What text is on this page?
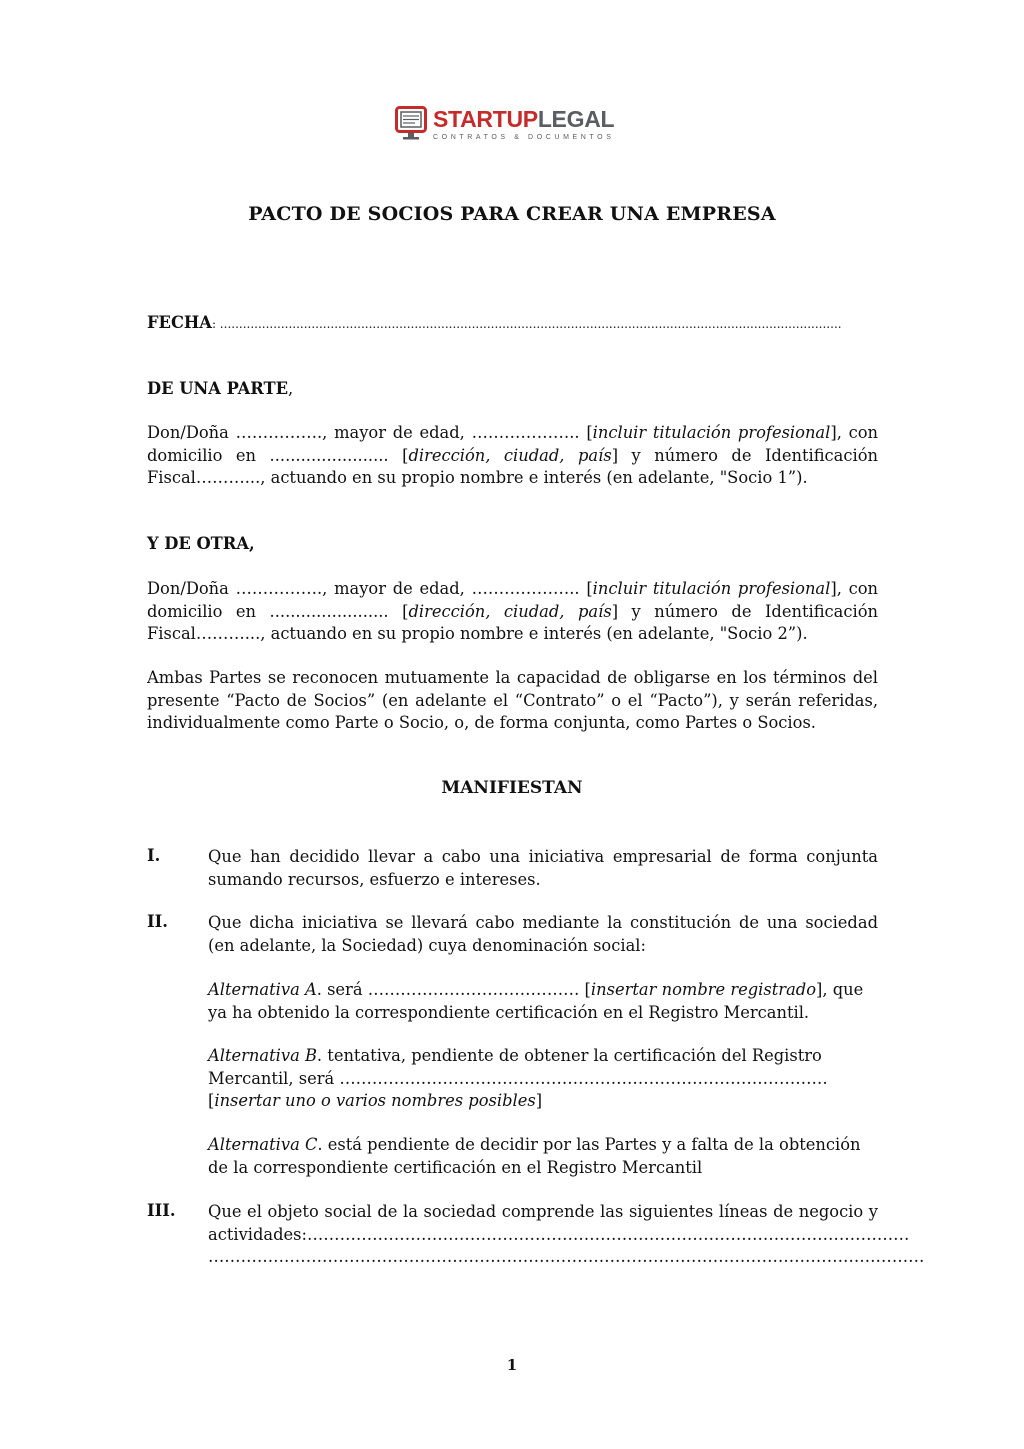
STARTUPLEGAL
CONTRATOS & DOCUMENTOS
PACTO DE SOCIOS PARA CREAR UNA EMPRESA
FECHA: ...................................................................................................................................................................
DE UNA PARTE,
Don/Doña ……………., mayor de edad, ……………….. [incluir titulación profesional], con domicilio en ....................... [dirección, ciudad, país] y número de Identificación Fiscal………..., actuando en su propio nombre e interés (en adelante, "Socio 1”).
Y DE OTRA,
Don/Doña ……………., mayor de edad, ……………….. [incluir titulación profesional], con domicilio en ....................... [dirección, ciudad, país] y número de Identificación Fiscal………..., actuando en su propio nombre e interés (en adelante, "Socio 2”).
Ambas Partes se reconocen mutuamente la capacidad de obligarse en los términos del presente “Pacto de Socios” (en adelante el “Contrato” o el “Pacto”), y serán referidas, individualmente como Parte o Socio, o, de forma conjunta, como Partes o Socios.
MANIFIESTAN
I.	Que han decidido llevar a cabo una iniciativa empresarial de forma conjunta sumando recursos, esfuerzo e intereses.
II. Que dicha iniciativa se llevará cabo mediante la constitución de una sociedad (en adelante, la Sociedad) cuya denominación social:
Alternativa A. será ………………………………… [insertar nombre registrado], que ya ha obtenido la correspondiente certificación en el Registro Mercantil.
Alternativa B. tentativa, pendiente de obtener la certificación del Registro Mercantil, será ……………………………………………………………………………… [insertar uno o varios nombres posibles]
Alternativa C. está pendiente de decidir por las Partes y a falta de la obtención de la correspondiente certificación en el Registro Mercantil
III. Que el objeto social de la sociedad comprende las siguientes líneas de negocio y actividades:…………………………………………………………………………………………………
……………………………………………………………………………………………………………………
1
